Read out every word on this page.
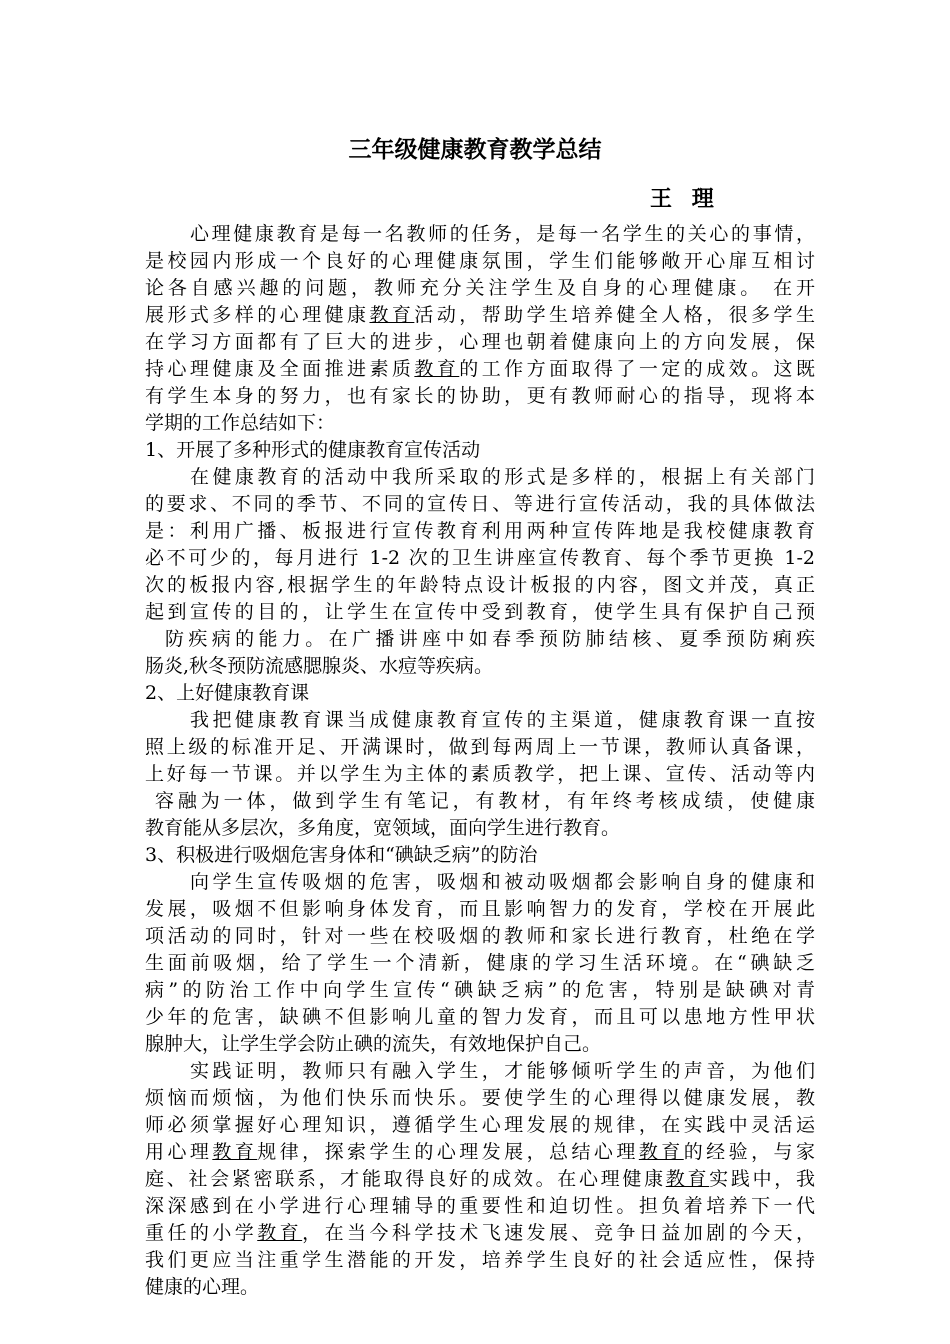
三年级健康教育教学总结
王理
心理健康教育是每一名教师的任务，是每一名学生的关心的事情，
是校园内形成一个良好的心理健康氛围，学生们能够敞开心扉互相讨
论各自感兴趣的问题，教师充分关注学生及自身的心理健康。 在开
展形式多样的心理健康教育活动，帮助学生培养健全人格，很多学生
在学习方面都有了巨大的进步，心理也朝着健康向上的方向发展，保
持心理健康及全面推进素质教育的工作方面取得了一定的成效。这既
有学生本身的努力，也有家长的协助，更有教师耐心的指导，现将本
学期的工作总结如下：
1、开展了多种形式的健康教育宣传活动
在健康教育的活动中我所采取的形式是多样的，根据上有关部门
的要求、不同的季节、不同的宣传日、等进行宣传活动，我的具体做法
是：利用广播、板报进行宣传教育利用两种宣传阵地是我校健康教育
必不可少的，每月进行 1-2 次的卫生讲座宣传教育、每个季节更换 1-2
次的板报内容,根据学生的年龄特点设计板报的内容，图文并茂，真正
起到宣传的目的，让学生在宣传中受到教育，使学生具有保护自己预
防疾病的能力。在广播讲座中如春季预防肺结核、夏季预防痢疾
肠炎,秋冬预防流感腮腺炎、水痘等疾病。
2、上好健康教育课
我把健康教育课当成健康教育宣传的主渠道，健康教育课一直按
照上级的标准开足、开满课时，做到每两周上一节课，教师认真备课，
上好每一节课。并以学生为主体的素质教学，把上课、宣传、活动等内
容融为一体，做到学生有笔记，有教材，有年终考核成绩，使健康
教育能从多层次，多角度，宽领域，面向学生进行教育。
3、积极进行吸烟危害身体和“碘缺乏病”的防治
向学生宣传吸烟的危害，吸烟和被动吸烟都会影响自身的健康和
发展，吸烟不但影响身体发育，而且影响智力的发育，学校在开展此
项活动的同时，针对一些在校吸烟的教师和家长进行教育，杜绝在学
生面前吸烟，给了学生一个清新，健康的学习生活环境。在“碘缺乏
病”的防治工作中向学生宣传“碘缺乏病”的危害，特别是缺碘对青
少年的危害，缺碘不但影响儿童的智力发育，而且可以患地方性甲状
腺肿大，让学生学会防止碘的流失，有效地保护自己。
实践证明，教师只有融入学生，才能够倾听学生的声音，为他们
烦恼而烦恼，为他们快乐而快乐。要使学生的心理得以健康发展，教
师必须掌握好心理知识，遵循学生心理发展的规律，在实践中灵活运
用心理教育规律，探索学生的心理发展，总结心理教育的经验，与家
庭、社会紧密联系，才能取得良好的成效。在心理健康教育实践中，我
深深感到在小学进行心理辅导的重要性和迫切性。担负着培养下一代
重任的小学教育，在当今科学技术飞速发展、竞争日益加剧的今天，
我们更应当注重学生潜能的开发，培养学生良好的社会适应性，保持
健康的心理。
